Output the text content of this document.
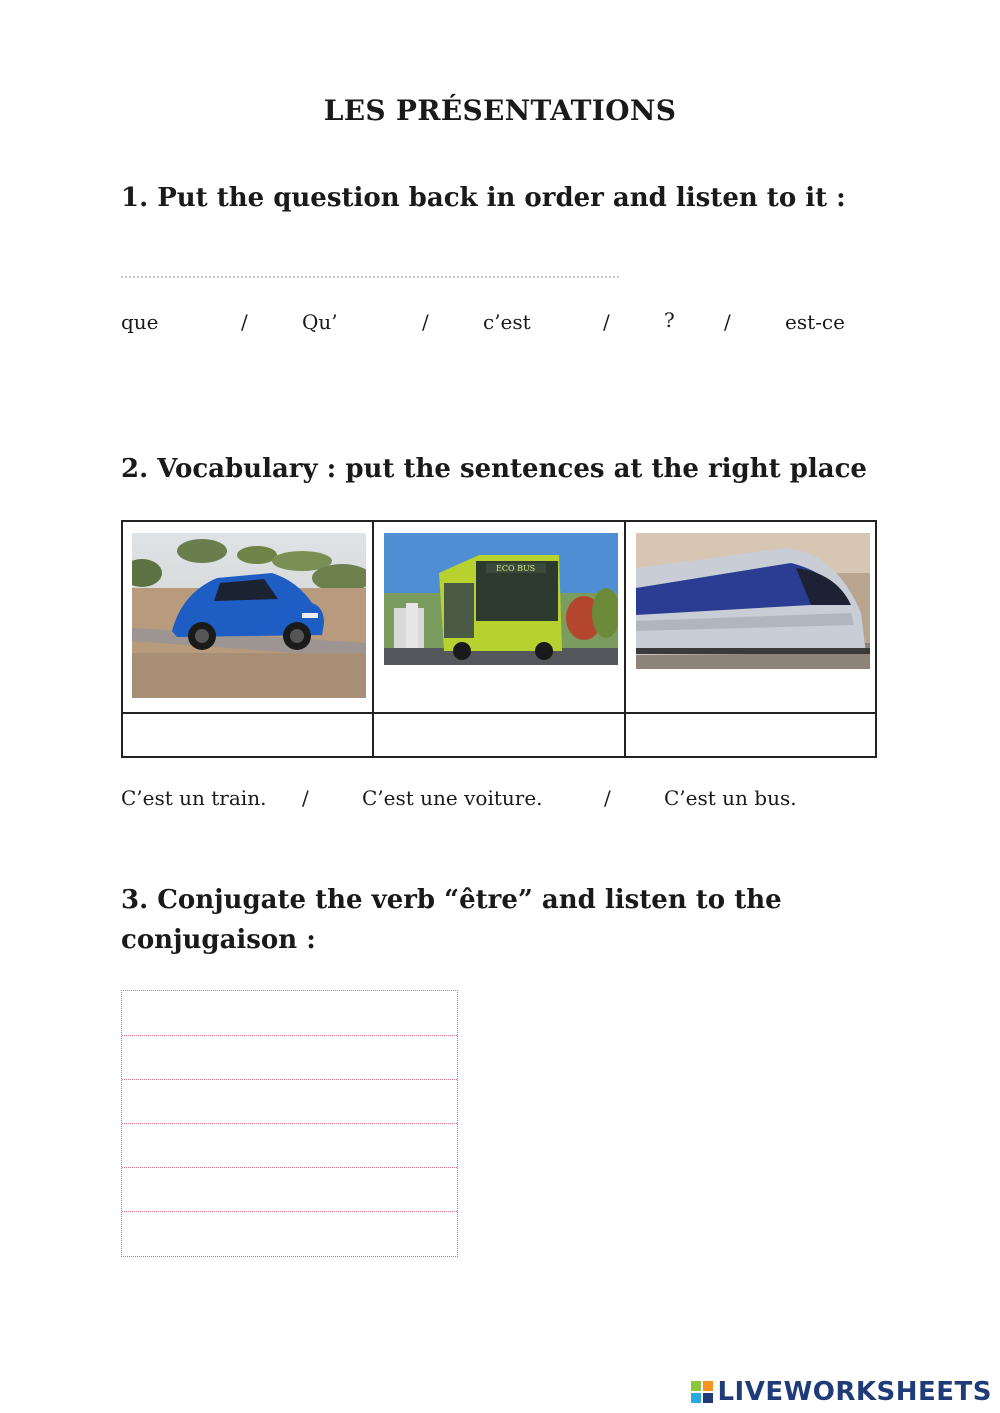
LES PRÉSENTATIONS
1. Put the question back in order and listen to it :
que	/	Qu’	/	c’est	/	? /	est-ce
2. Vocabulary : put the sentences at the right place

ECO BUS
C’est un train. /	C’est une voiture.	/	C’est un bus.
3. Conjugate the verb “être” and listen to the
conjugaison :
LIVEWORKSHEETS
